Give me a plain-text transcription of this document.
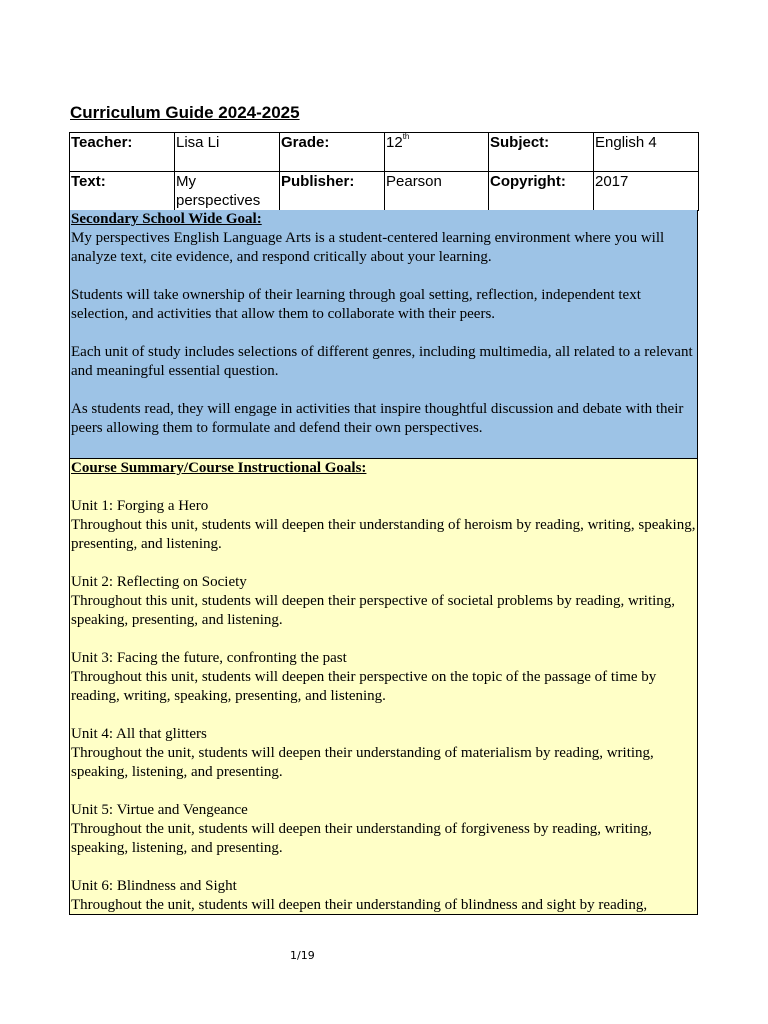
Curriculum Guide 2024-2025
Teacher:	Lisa Li	Grade:	12th	Subject:	English 4
Text:	My perspectives	Publisher:	Pearson	Copyright:	2017

Secondary School Wide Goal:

My perspectives English Language Arts is a student-centered learning environment where you will analyze text, cite evidence, and respond critically about your learning.

Students will take ownership of their learning through goal setting, reflection, independent text selection, and activities that allow them to collaborate with their peers.

Each unit of study includes selections of different genres, including multimedia, all related to a relevant and meaningful essential question.

As students read, they will engage in activities that inspire thoughtful discussion and debate with their peers allowing them to formulate and defend their own perspectives.

Course Summary/Course Instructional Goals:

Unit 1: Forging a Hero

Throughout this unit, students will deepen their understanding of heroism by reading, writing, speaking, presenting, and listening.

Unit 2: Reflecting on Society

Throughout this unit, students will deepen their perspective of societal problems by reading, writing, speaking, presenting, and listening.

Unit 3: Facing the future, confronting the past

Throughout this unit, students will deepen their perspective on the topic of the passage of time by reading, writing, speaking, presenting, and listening.

Unit 4: All that glitters

Throughout the unit, students will deepen their understanding of materialism by reading, writing, speaking, listening, and presenting.

Unit 5: Virtue and Vengeance

Throughout the unit, students will deepen their understanding of forgiveness by reading, writing, speaking, listening, and presenting.

Unit 6: Blindness and Sight

Throughout the unit, students will deepen their understanding of blindness and sight by reading,

1/19
